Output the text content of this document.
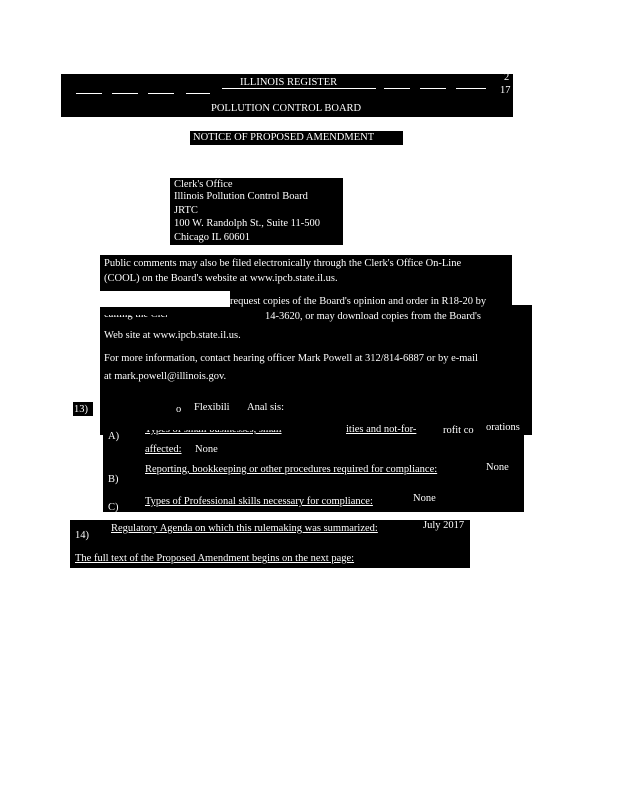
ILLINOIS REGISTER	2
17
POLLUTION CONTROL BOARD
NOTICE OF PROPOSED AMENDMENT
Clerk's Office
Illinois Pollution Control Board
JRTC
100 W. Randolph St., Suite 11-500
Chicago IL 60601
Public comments may also be filed electronically through the Clerk's Office On-Line
(COOL) on the Board's website at www.ipcb.state.il.us.
request copies of the Board's opinion and order in R18-20 by
14-3620, or may download copies from the Board's
Web site at www.ipcb.state.il.us.
For more information, contact hearing officer Mark Powell at 312/814-6887 or by e-mail
at mark.powell@illinois.gov.
13)	o Flexibili Anal sis:
A)
ities and not-for-	rofit co orations
affected: None
B)
Reporting, bookkeeping or other procedures required for compliance:	None
C)
Types of Professional skills necessary for compliance:	None
14)
Regulatory Agenda on which this rulemaking was summarized:	July 2017
The full text of the Proposed Amendment begins on the next page:
